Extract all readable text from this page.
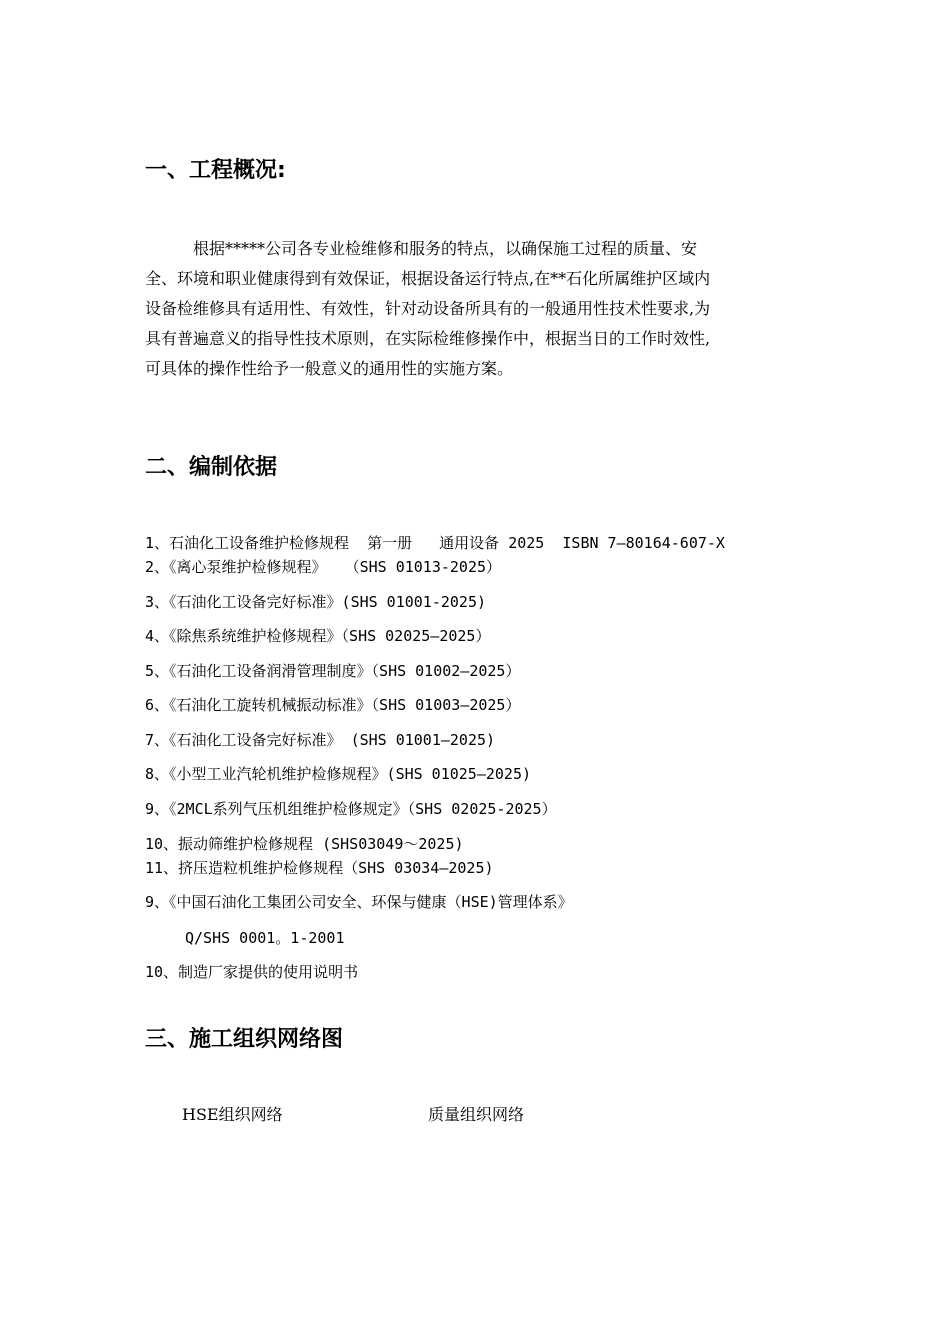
一、工程概况:
根据*****公司各专业检维修和服务的特点，以确保施工过程的质量、安
全、环境和职业健康得到有效保证，根据设备运行特点,在**石化所属维护区域内
设备检维修具有适用性、有效性，针对动设备所具有的一般通用性技术性要求,为
具有普遍意义的指导性技术原则，在实际检维修操作中，根据当日的工作时效性,
可具体的操作性给予一般意义的通用性的实施方案。
二、编制依据
1、石油化工设备维护检修规程  第一册   通用设备 2025  ISBN 7—80164-607-X
2、《离心泵维护检修规程》  （SHS 01013-2025）
3、《石油化工设备完好标准》(SHS 01001-2025)
4、《除焦系统维护检修规程》（SHS 02025—2025）
5、《石油化工设备润滑管理制度》（SHS 01002—2025）
6、《石油化工旋转机械振动标准》（SHS 01003—2025）
7、《石油化工设备完好标准》 (SHS 01001—2025)
8、《小型工业汽轮机维护检修规程》(SHS 01025—2025)
9、《2MCL系列气压机组维护检修规定》（SHS 02025-2025）
10、振动筛维护检修规程 (SHS03049～2025)
11、挤压造粒机维护检修规程（SHS 03034—2025)
9、《中国石油化工集团公司安全、环保与健康（HSE)管理体系》
Q/SHS 0001。1-2001
10、制造厂家提供的使用说明书
三、施工组织网络图
HSE组织网络	质量组织网络
